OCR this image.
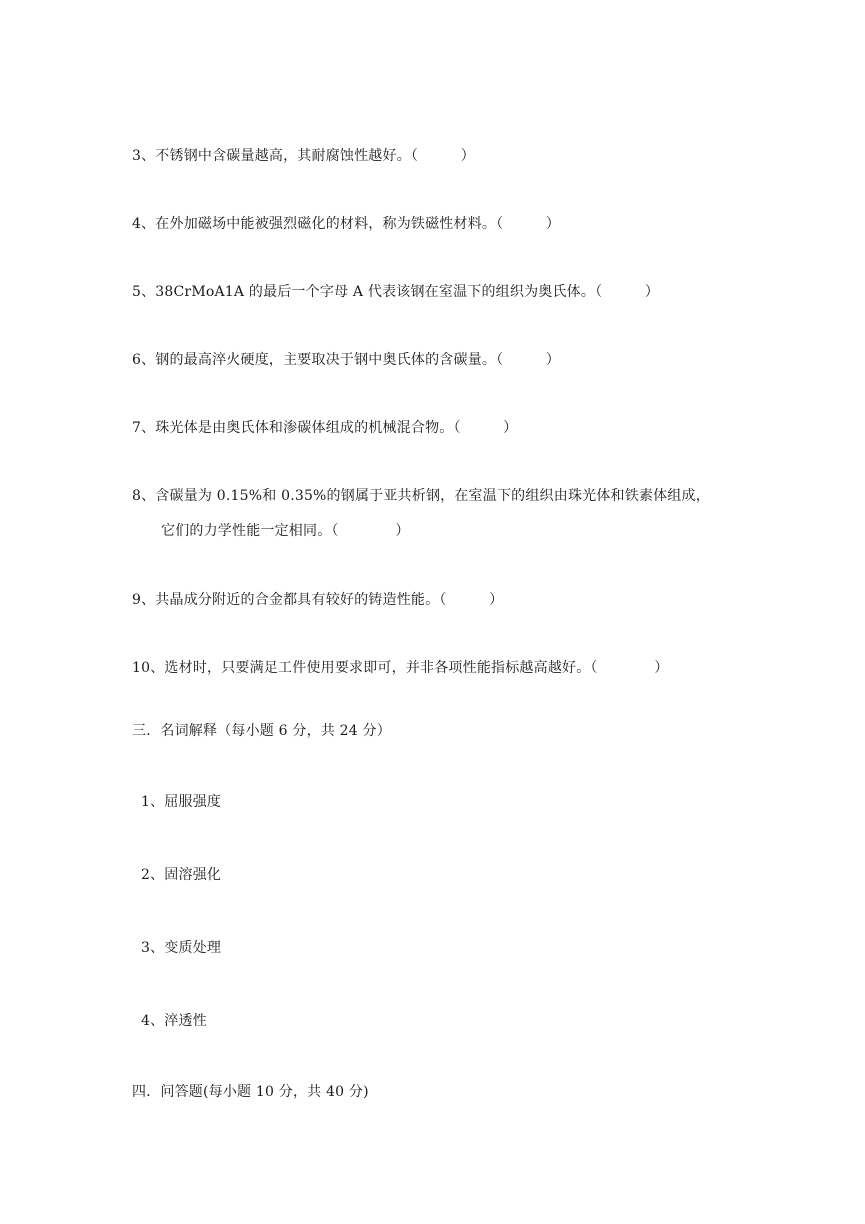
3、不锈钢中含碳量越高，其耐腐蚀性越好。（　　　）
4、在外加磁场中能被强烈磁化的材料，称为铁磁性材料。（　　　）
5、38CrMoA1A 的最后一个字母 A 代表该钢在室温下的组织为奥氏体。（　　　）
6、钢的最高淬火硬度，主要取决于钢中奥氏体的含碳量。（　　　）
7、珠光体是由奥氏体和渗碳体组成的机械混合物。（　　　）
8、含碳量为 0.15%和 0.35%的钢属于亚共析钢，在室温下的组织由珠光体和铁素体组成，
它们的力学性能一定相同。（　　　　）
9、共晶成分附近的合金都具有较好的铸造性能。（　　　）
10、选材时，只要满足工件使用要求即可，并非各项性能指标越高越好。（　　　　）
三．名词解释（每小题 6 分，共 24 分）
1、屈服强度
2、固溶强化
3、变质处理
4、淬透性
四．问答题(每小题 10 分，共 40 分)
